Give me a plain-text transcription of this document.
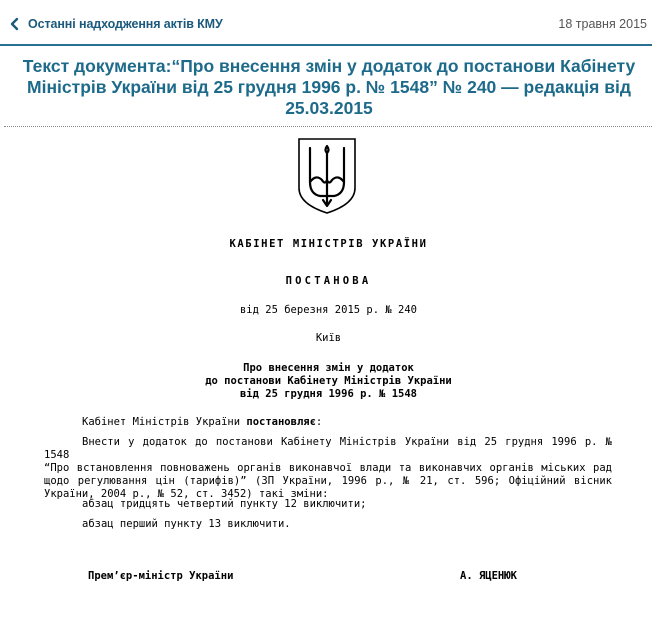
Останні надходження актів КМУ	18 травня 2015
Текст документа:“Про внесення змін у додаток до постанови Кабінету Міністрів України від 25 грудня 1996 р. № 1548” № 240 — редакція від 25.03.2015
КАБІНЕТ МІНІСТРІВ УКРАЇНИ
ПОСТАНОВА
від 25 березня 2015 р. № 240
Київ
Про внесення змін у додаток
до постанови Кабінету Міністрів України
від 25 грудня 1996 р. № 1548
Кабінет Міністрів України постановляє:
Внести у додаток до постанови Кабінету Міністрів України від 25 грудня 1996 р. № 1548
“Про встановлення повноважень органів виконавчої влади та виконавчих органів міських рад щодо регулювання цін (тарифів)” (ЗП України, 1996 р., № 21, ст. 596; Офіційний вісник України, 2004 р., № 52, ст. 3452) такі зміни:
абзац тридцять четвертий пункту 12 виключити;
абзац перший пункту 13 виключити.
Прем’єр-міністр України	А. ЯЦЕНЮК
